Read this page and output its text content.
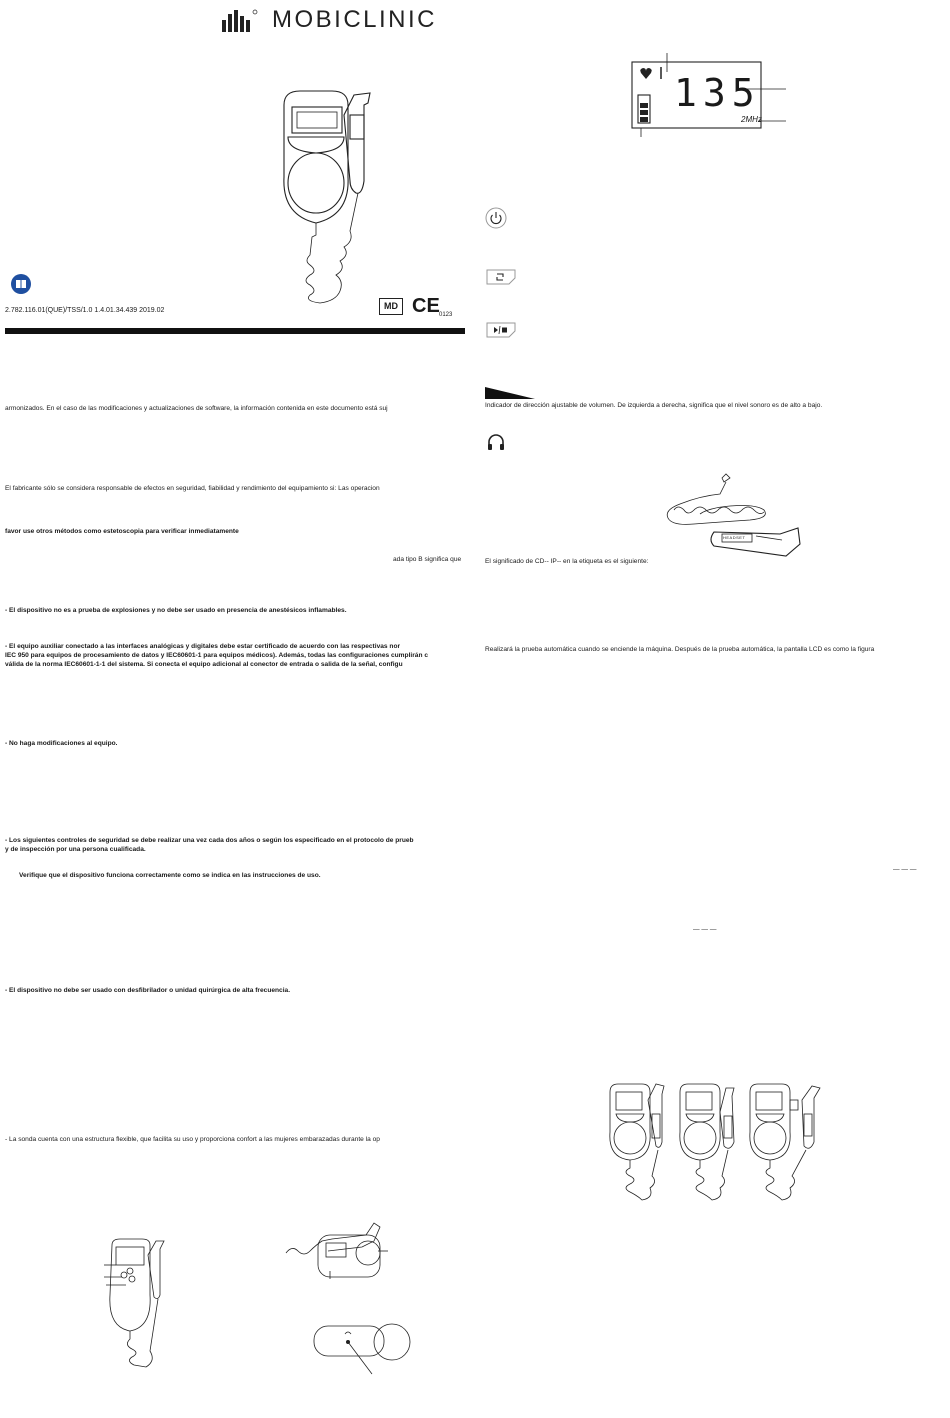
MOBICLINIC
2.782.116.01(QUE)/TSS/1.0 1.4.01.34.439 2019.02	MD CE 0123
armonizados. En el caso de las modificaciones y actualizaciones de software, la información contenida en este documento está suj
El fabricante sólo se considera responsable de efectos en seguridad, fiabilidad y rendimiento del equipamiento si: Las operacion
favor use otros métodos como estetoscopia para verificar inmediatamente
ada tipo B significa que
- El dispositivo no es a prueba de explosiones y no debe ser usado en presencia de anestésicos inflamables.
- El equipo auxiliar conectado a las interfaces analógicas y digitales debe estar certificado de acuerdo con las respectivas nor
IEC 950 para equipos de procesamiento de datos y IEC60601-1 para equipos médicos). Además, todas las configuraciones cumplirán c
válida de la norma IEC60601-1-1 del sistema. Si conecta el equipo adicional al conector de entrada o salida de la señal, configu
- No haga modificaciones al equipo.
- Los siguientes controles de seguridad se debe realizar una vez cada dos años o según los especificado en el protocolo de prueb
y de inspección por una persona cualificada.
Verifique que el dispositivo funciona correctamente como se indica en las instrucciones de uso.
- El dispositivo no debe ser usado con desfibrilador o unidad quirúrgica de alta frecuencia.
- La sonda cuenta con una estructura flexible, que facilita su uso y proporciona confort a las mujeres embarazadas durante la op
135
2MHz
Indicador de dirección ajustable de volumen. De izquierda a derecha, significa que el nivel sonoro es de alto a bajo.
HEADSET
El significado de CD-- IP-- en la etiqueta es el siguiente:
Realizará la prueba automática cuando se enciende la máquina. Después de la prueba automática, la pantalla LCD es como la figura
— — —
— — —
